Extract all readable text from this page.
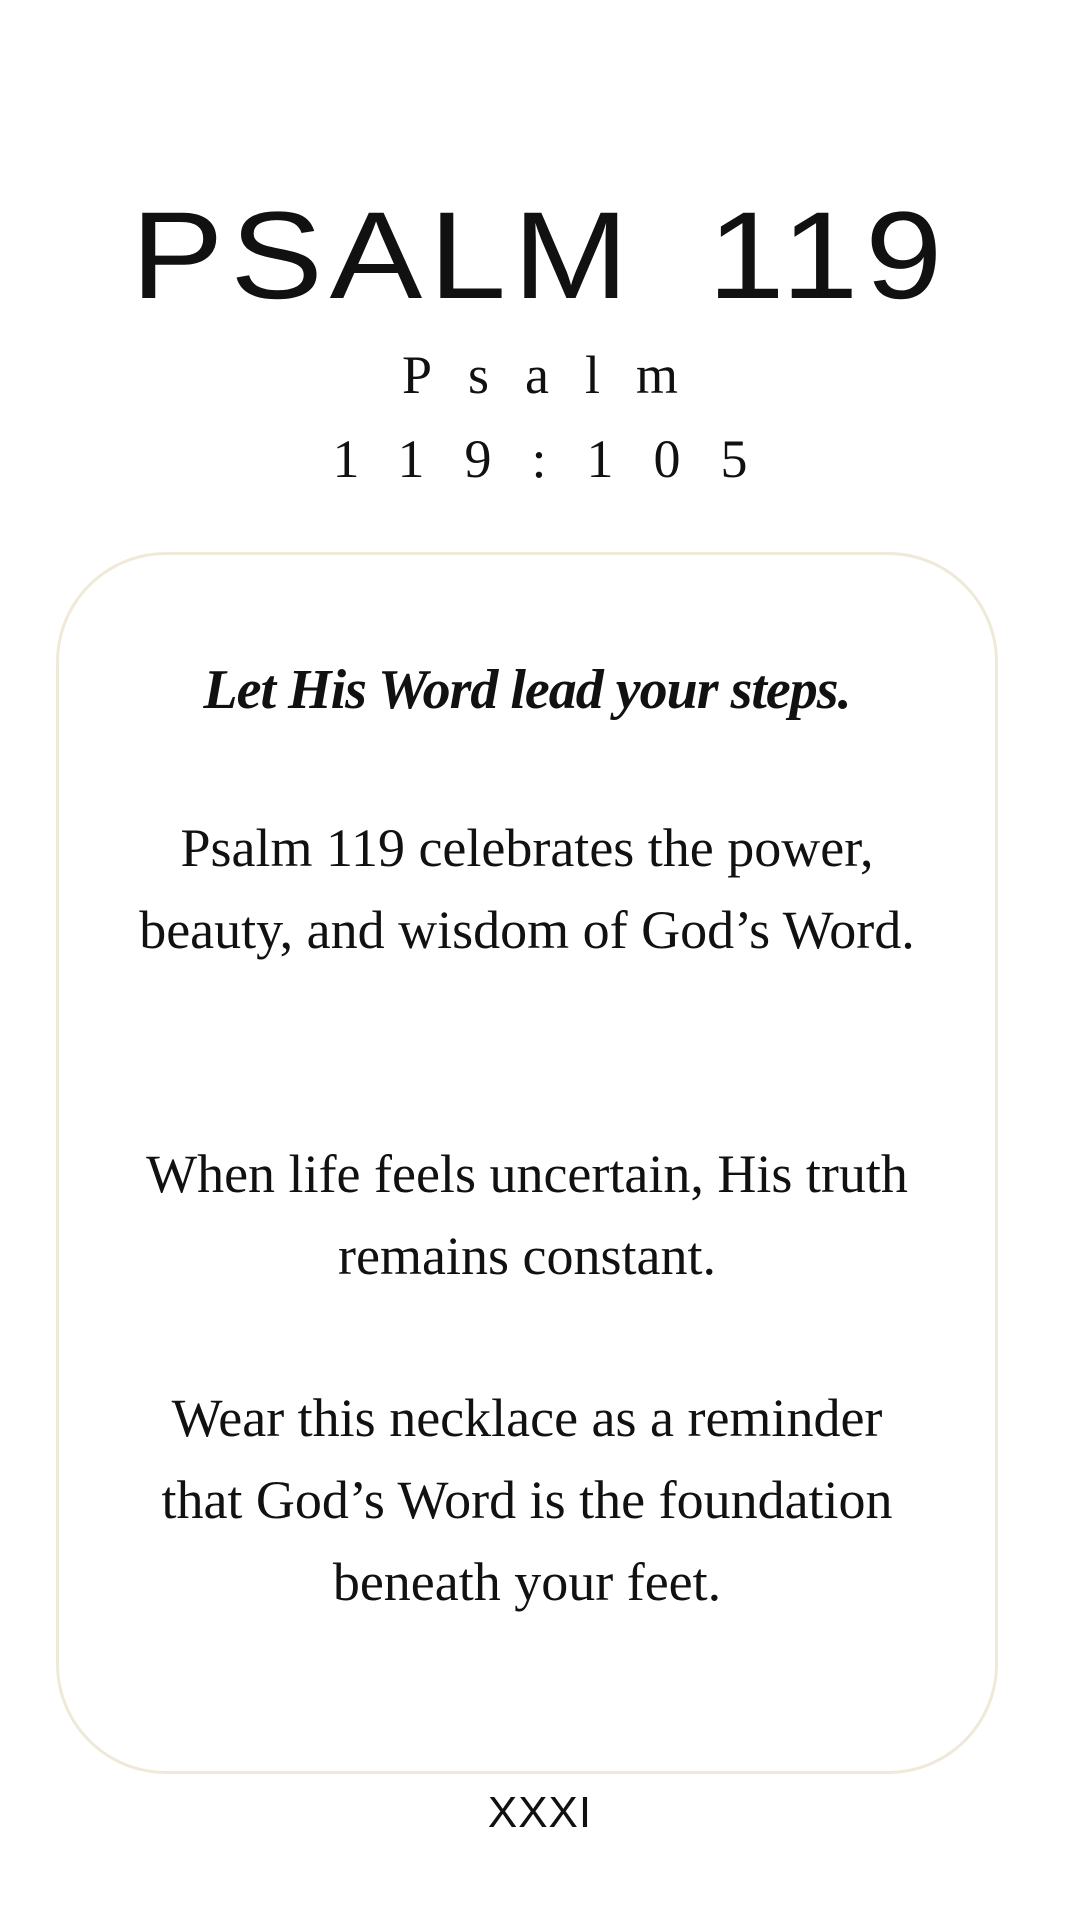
PSALM 119
Psalm
119:105
Let His Word lead your steps.

Psalm 119 celebrates the power, beauty, and wisdom of God’s Word.

When life feels uncertain, His truth remains constant.

Wear this necklace as a reminder that God’s Word is the foundation beneath your feet.

XXXI
